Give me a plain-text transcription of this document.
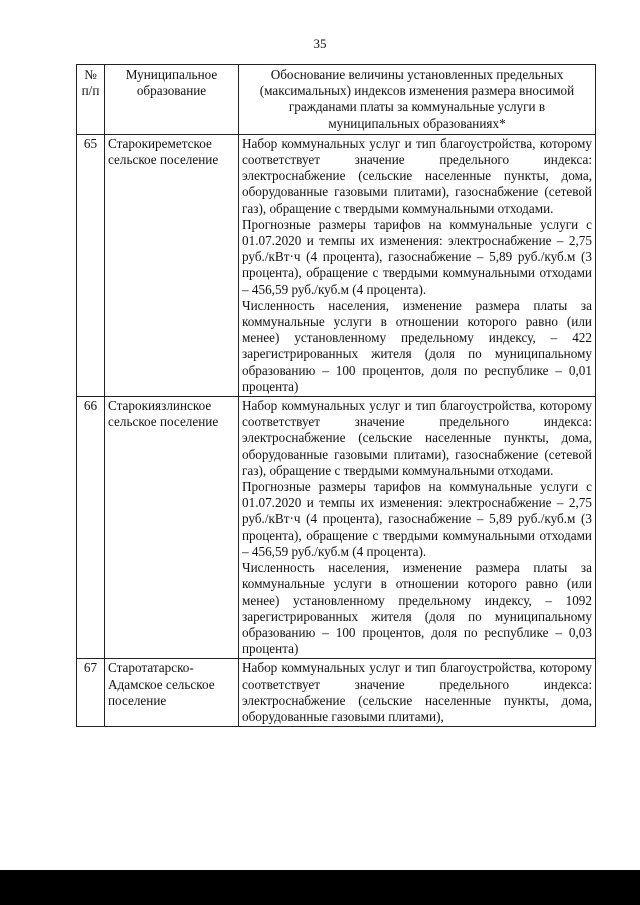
35
№ п/п	Муниципальное образование	Обоснование величины установленных предельных (максимальных) индексов изменения размера вносимой гражданами платы за коммунальные услуги в муниципальных образованиях*
65	Старокиреметское сельское поселение	Набор коммунальных услуг и тип благоустройства, которому соответствует значение предельного индекса: электроснабжение (сельские населенные пункты, дома, оборудованные газовыми плитами), газоснабжение (сетевой газ), обращение с твердыми коммунальными отходами.

Прогнозные размеры тарифов на коммунальные услуги с 01.07.2020 и темпы их изменения: электроснабжение – 2,75 руб./кВт·ч (4 процента), газоснабжение – 5,89 руб./куб.м (3 процента), обращение с твердыми коммунальными отходами – 456,59 руб./куб.м (4 процента).

Численность населения, изменение размера платы за коммунальные услуги в отношении которого равно (или менее) установленному предельному индексу, – 422 зарегистрированных жителя (доля по муниципальному образованию – 100 процентов, доля по республике – 0,01 процента)

66	Старокиязлинское сельское поселение	Набор коммунальных услуг и тип благоустройства, которому соответствует значение предельного индекса: электроснабжение (сельские населенные пункты, дома, оборудованные газовыми плитами), газоснабжение (сетевой газ), обращение с твердыми коммунальными отходами.

Прогнозные размеры тарифов на коммунальные услуги с 01.07.2020 и темпы их изменения: электроснабжение – 2,75 руб./кВт·ч (4 процента), газоснабжение – 5,89 руб./куб.м (3 процента), обращение с твердыми коммунальными отходами – 456,59 руб./куб.м (4 процента).

Численность населения, изменение размера платы за коммунальные услуги в отношении которого равно (или менее) установленному предельному индексу, – 1092 зарегистрированных жителя (доля по муниципальному образованию – 100 процентов, доля по республике – 0,03 процента)

67	Старотатарско-Адамское сельское поселение	Набор коммунальных услуг и тип благоустройства, которому соответствует значение предельного индекса: электроснабжение (сельские населенные пункты, дома, оборудованные газовыми плитами),
